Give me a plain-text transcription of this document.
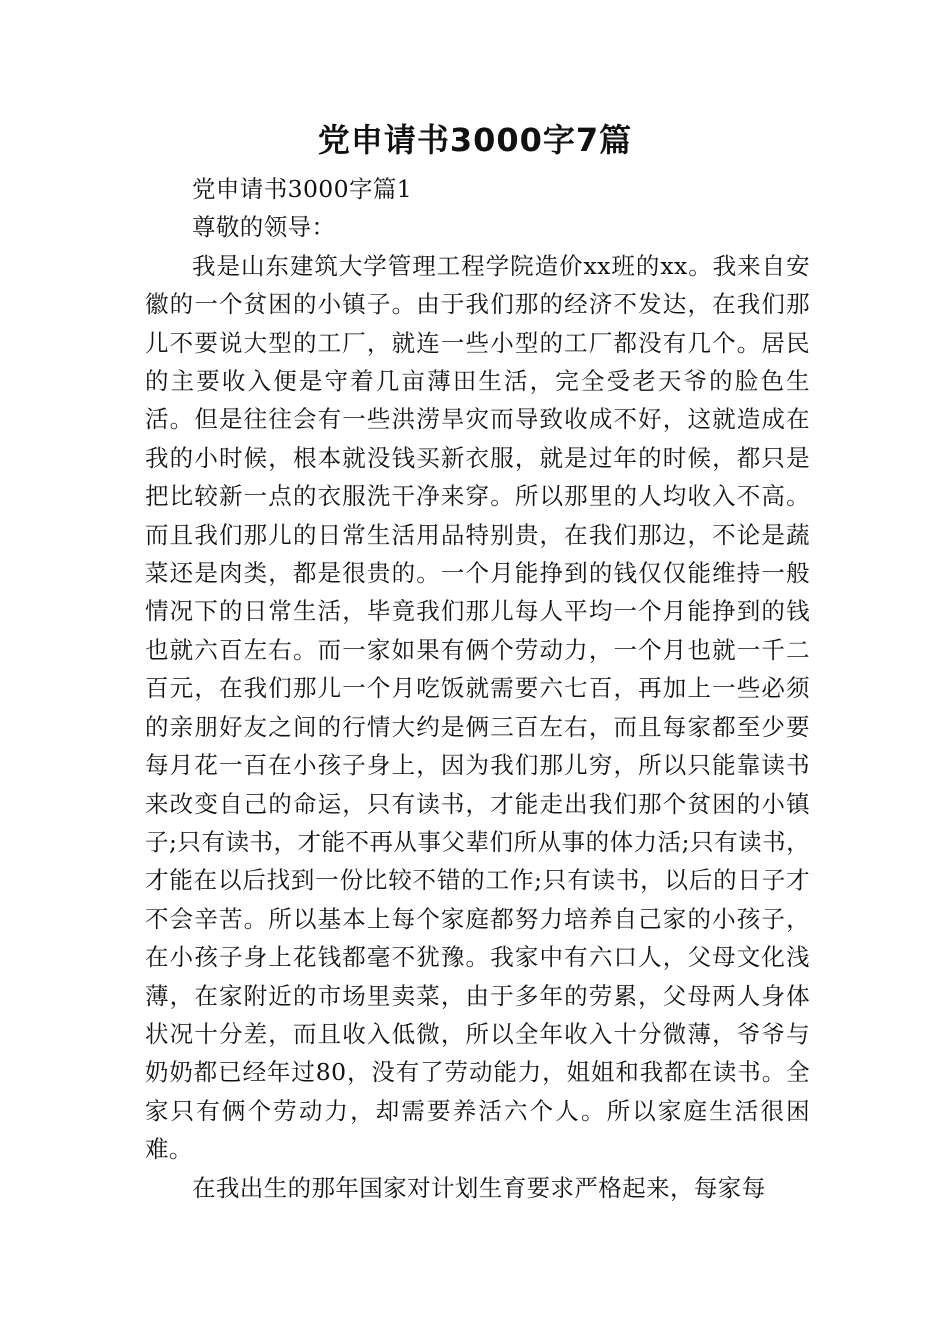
党申请书3000字7篇

党申请书3000字篇1

尊敬的领导：

我是山东建筑大学管理工程学院造价xx班的xx。我来自安徽的一个贫困的小镇子。由于我们那的经济不发达，在我们那儿不要说大型的工厂，就连一些小型的工厂都没有几个。居民的主要收入便是守着几亩薄田生活，完全受老天爷的脸色生活。但是往往会有一些洪涝旱灾而导致收成不好，这就造成在我的小时候，根本就没钱买新衣服，就是过年的时候，都只是把比较新一点的衣服洗干净来穿。所以那里的人均收入不高。而且我们那儿的日常生活用品特别贵，在我们那边，不论是蔬菜还是肉类，都是很贵的。一个月能挣到的钱仅仅能维持一般情况下的日常生活，毕竟我们那儿每人平均一个月能挣到的钱也就六百左右。而一家如果有俩个劳动力，一个月也就一千二百元，在我们那儿一个月吃饭就需要六七百，再加上一些必须的亲朋好友之间的行情大约是俩三百左右，而且每家都至少要每月花一百在小孩子身上，因为我们那儿穷，所以只能靠读书来改变自己的命运，只有读书，才能走出我们那个贫困的小镇子;只有读书，才能不再从事父辈们所从事的体力活;只有读书，才能在以后找到一份比较不错的工作;只有读书，以后的日子才不会辛苦。所以基本上每个家庭都努力培养自己家的小孩子，在小孩子身上花钱都毫不犹豫。我家中有六口人，父母文化浅薄，在家附近的市场里卖菜，由于多年的劳累，父母两人身体状况十分差，而且收入低微，所以全年收入十分微薄，爷爷与奶奶都已经年过80，没有了劳动能力，姐姐和我都在读书。全家只有俩个劳动力，却需要养活六个人。所以家庭生活很困难。

在我出生的那年国家对计划生育要求严格起来，每家每
